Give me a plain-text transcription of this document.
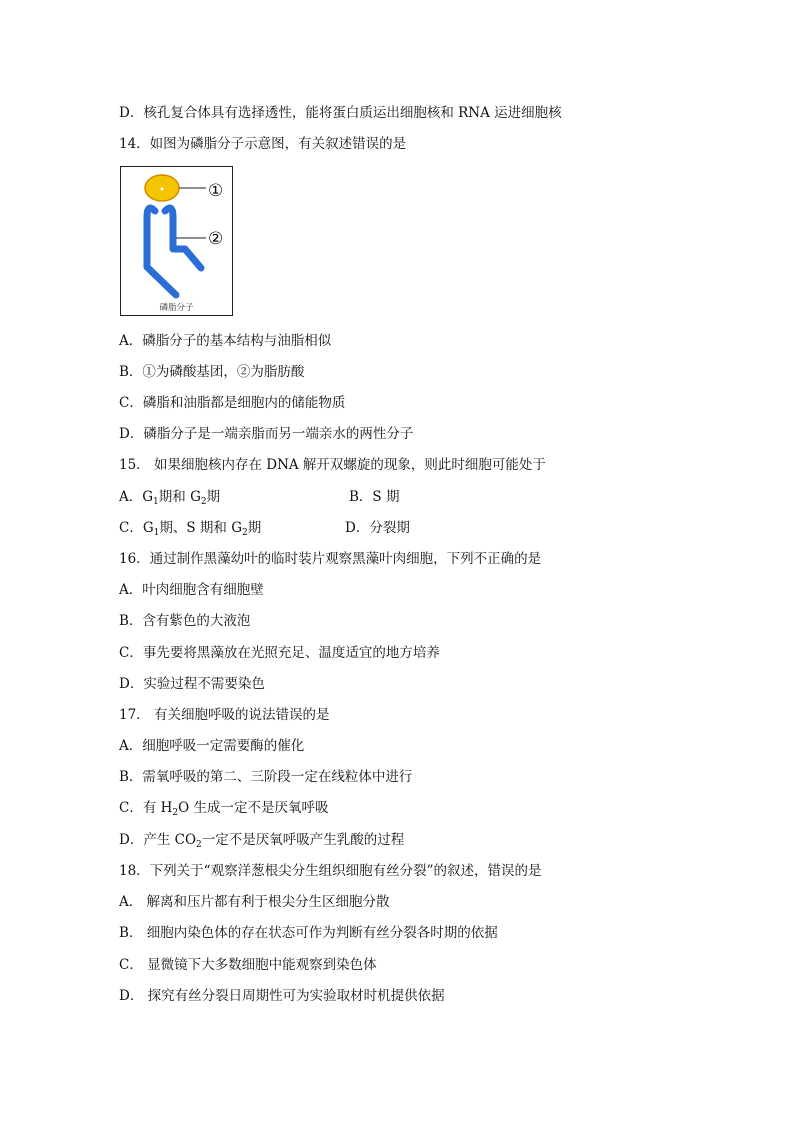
D．核孔复合体具有选择透性，能将蛋白质运出细胞核和 RNA 运进细胞核
14．如图为磷脂分子示意图，有关叙述错误的是
①
②
磷脂分子
A．磷脂分子的基本结构与油脂相似
B．①为磷酸基团，②为脂肪酸
C．磷脂和油脂都是细胞内的储能物质
D．磷脂分子是一端亲脂而另一端亲水的两性分子
15． 如果细胞核内存在 DNA 解开双螺旋的现象，则此时细胞可能处于
A．$G_1$期和 $G_2$期	B．S 期
C．$G_1$期、S 期和 $G_2$期	D．分裂期
16．通过制作黑藻幼叶的临时装片观察黑藻叶肉细胞，下列不正确的是
A．叶肉细胞含有细胞壁
B．含有紫色的大液泡
C．事先要将黑藻放在光照充足、温度适宜的地方培养
D．实验过程不需要染色
17． 有关细胞呼吸的说法错误的是
A．细胞呼吸一定需要酶的催化
B．需氧呼吸的第二、三阶段一定在线粒体中进行
C．有 $H_2O$ 生成一定不是厌氧呼吸
D．产生 $CO_2$一定不是厌氧呼吸产生乳酸的过程
18．下列关于“观察洋葱根尖分生组织细胞有丝分裂”的叙述，错误的是
A． 解离和压片都有利于根尖分生区细胞分散
B． 细胞内染色体的存在状态可作为判断有丝分裂各时期的依据
C． 显微镜下大多数细胞中能观察到染色体
D． 探究有丝分裂日周期性可为实验取材时机提供依据
